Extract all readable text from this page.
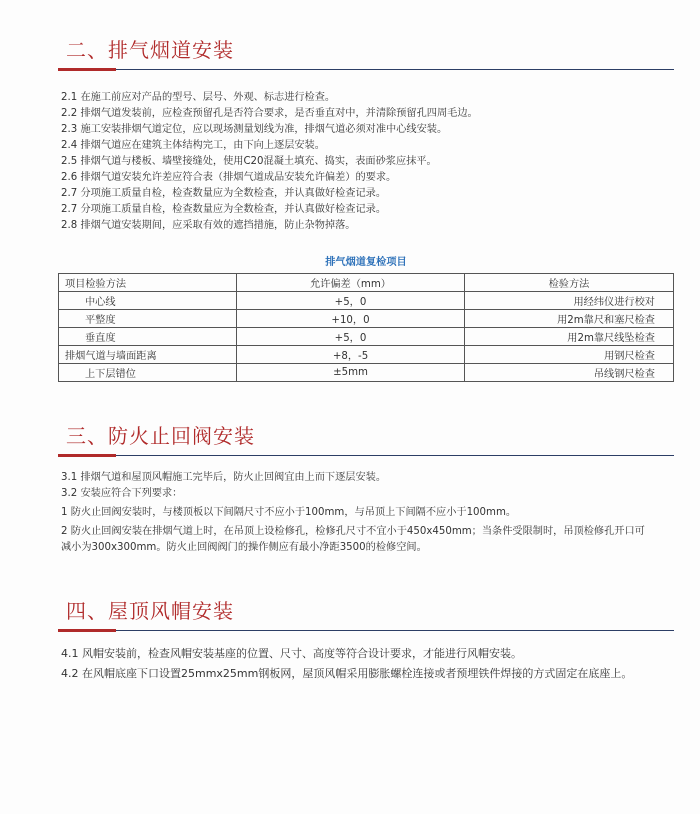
二、排气烟道安装

2.1 在施工前应对产品的型号、层号、外观、标志进行检查。

2.2 排烟气道发装前，应检查预留孔是否符合要求，是否垂直对中，并清除预留孔四周毛边。

2.3 施工安装排烟气道定位，应以现场测量划线为准，排烟气道必须对准中心线安装。

2.4 排烟气道应在建筑主体结构完工，由下向上逐层安装。

2.5 排烟气道与楼板、墙壁接缝处，使用C20混凝土填充、捣实，表面砂浆应抹平。

2.6 排烟气道安装允许差应符合表（排烟气道成品安装允许偏差）的要求。

2.7 分项施工质量自检，检查数量应为全数检查，并认真做好检查记录。

2.7 分项施工质量自检，检查数量应为全数检查，并认真做好检查记录。

2.8 排烟气道安装期间，应采取有效的遮挡措施，防止杂物掉落。

排气烟道复检项目
项目检验方法	允许偏差（mm）	检验方法
中心线	+5，0	用经纬仪进行校对
平整度	+10，0	用2m靠尺和塞尺检查
垂直度	+5，0	用2m靠尺线坠检查
排烟气道与墙面距离	+8，-5	用钢尺检查
上下层错位	±5mm	吊线钢尺检查
三、防火止回阀安装

3.1 排烟气道和屋顶风帽施工完毕后，防火止回阀宜由上而下逐层安装。

3.2 安装应符合下列要求：

1 防火止回阀安装时，与楼顶板以下间隔尺寸不应小于100mm，与吊顶上下间隔不应小于100mm。

2 防火止回阀安装在排烟气道上时，在吊顶上设检修孔，检修孔尺寸不宜小于450x450mm；当条件受限制时，吊顶检修孔开口可

减小为300x300mm。防火止回阀阀门的操作侧应有最小净距3500的检修空间。

四、屋顶风帽安装

4.1 风帽安装前，检查风帽安装基座的位置、尺寸、高度等符合设计要求，才能进行风帽安装。

4.2 在风帽底座下口设置25mmx25mm钢板网，屋顶风帽采用膨胀螺栓连接或者预埋铁件焊接的方式固定在底座上。
